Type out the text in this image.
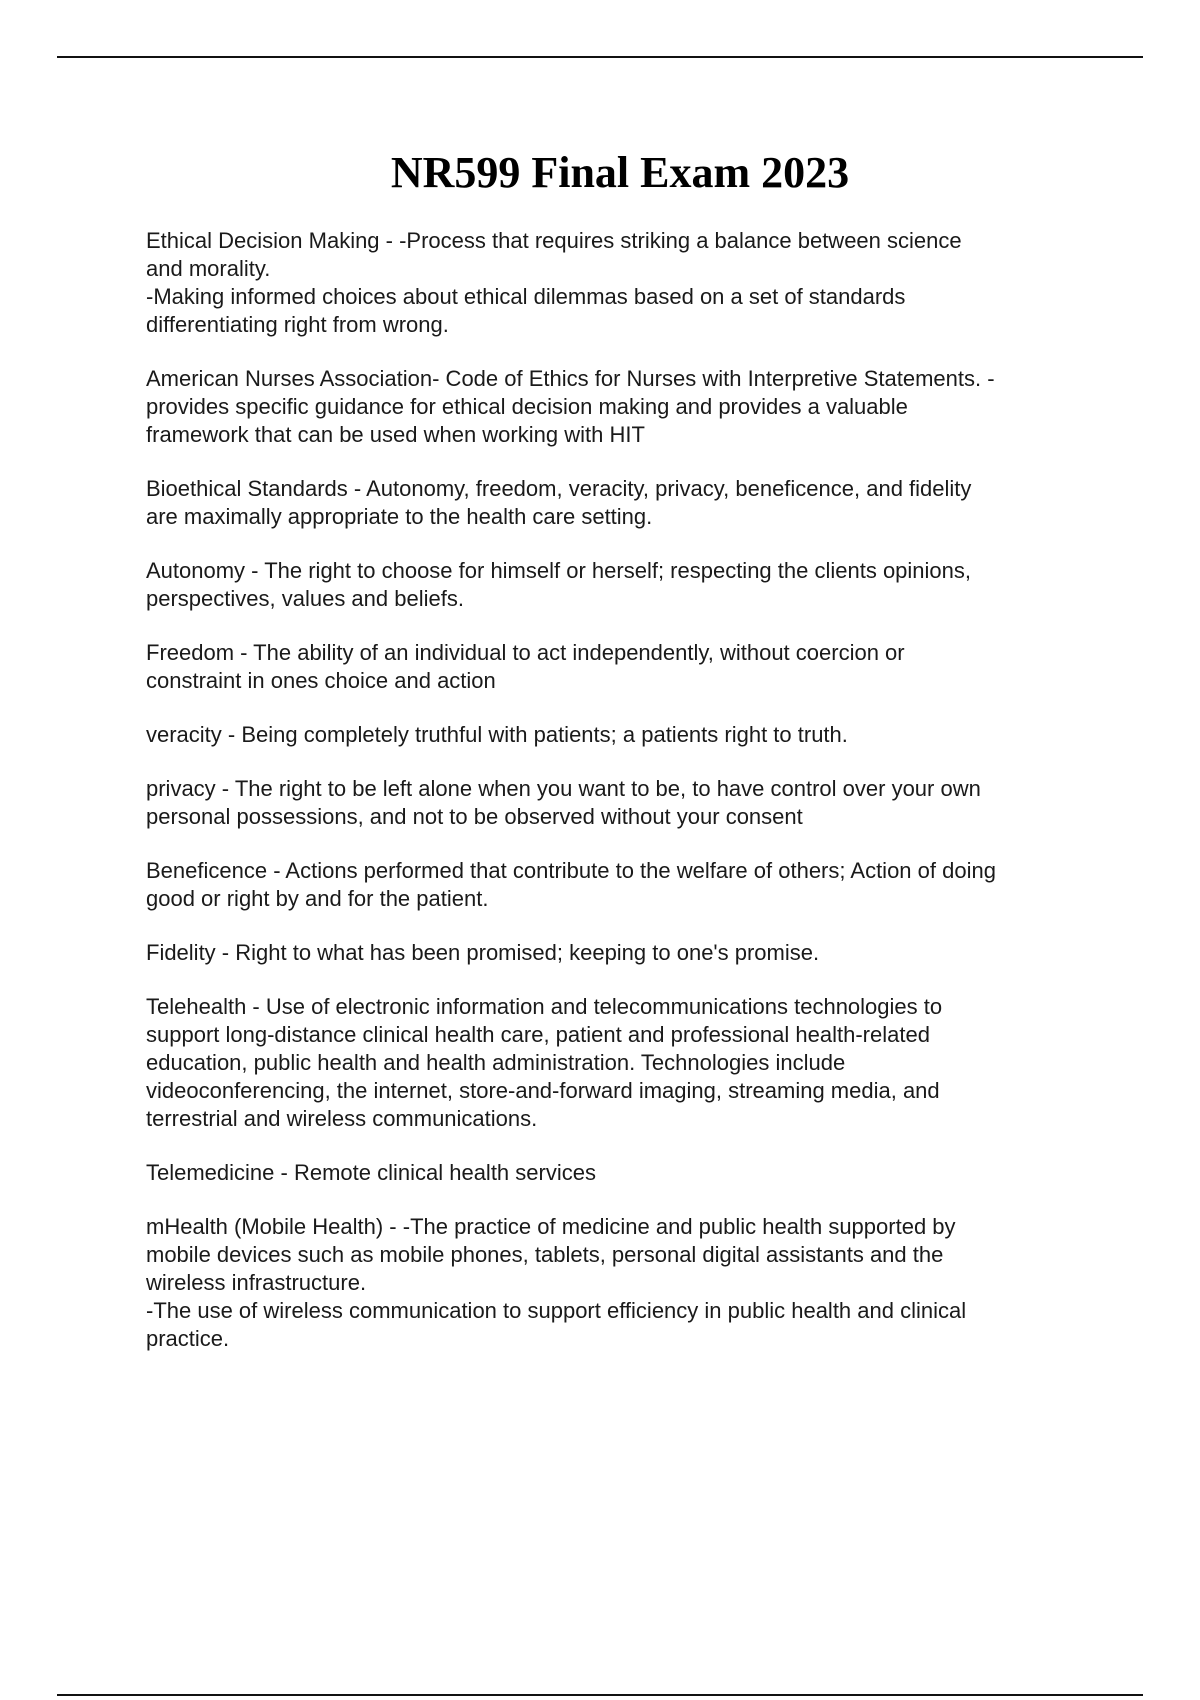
NR599 Final Exam 2023

Ethical Decision Making - -Process that requires striking a balance between science
and morality.
-Making informed choices about ethical dilemmas based on a set of standards
differentiating right from wrong.

American Nurses Association- Code of Ethics for Nurses with Interpretive Statements. -
provides specific guidance for ethical decision making and provides a valuable
framework that can be used when working with HIT

Bioethical Standards - Autonomy, freedom, veracity, privacy, beneficence, and fidelity
are maximally appropriate to the health care setting.

Autonomy - The right to choose for himself or herself; respecting the clients opinions,
perspectives, values and beliefs.

Freedom - The ability of an individual to act independently, without coercion or
constraint in ones choice and action

veracity - Being completely truthful with patients; a patients right to truth.

privacy - The right to be left alone when you want to be, to have control over your own
personal possessions, and not to be observed without your consent

Beneficence - Actions performed that contribute to the welfare of others; Action of doing
good or right by and for the patient.

Fidelity - Right to what has been promised; keeping to one's promise.

Telehealth - Use of electronic information and telecommunications technologies to
support long-distance clinical health care, patient and professional health-related
education, public health and health administration. Technologies include
videoconferencing, the internet, store-and-forward imaging, streaming media, and
terrestrial and wireless communications.

Telemedicine - Remote clinical health services

mHealth (Mobile Health) - -The practice of medicine and public health supported by
mobile devices such as mobile phones, tablets, personal digital assistants and the
wireless infrastructure.
-The use of wireless communication to support efficiency in public health and clinical
practice.
